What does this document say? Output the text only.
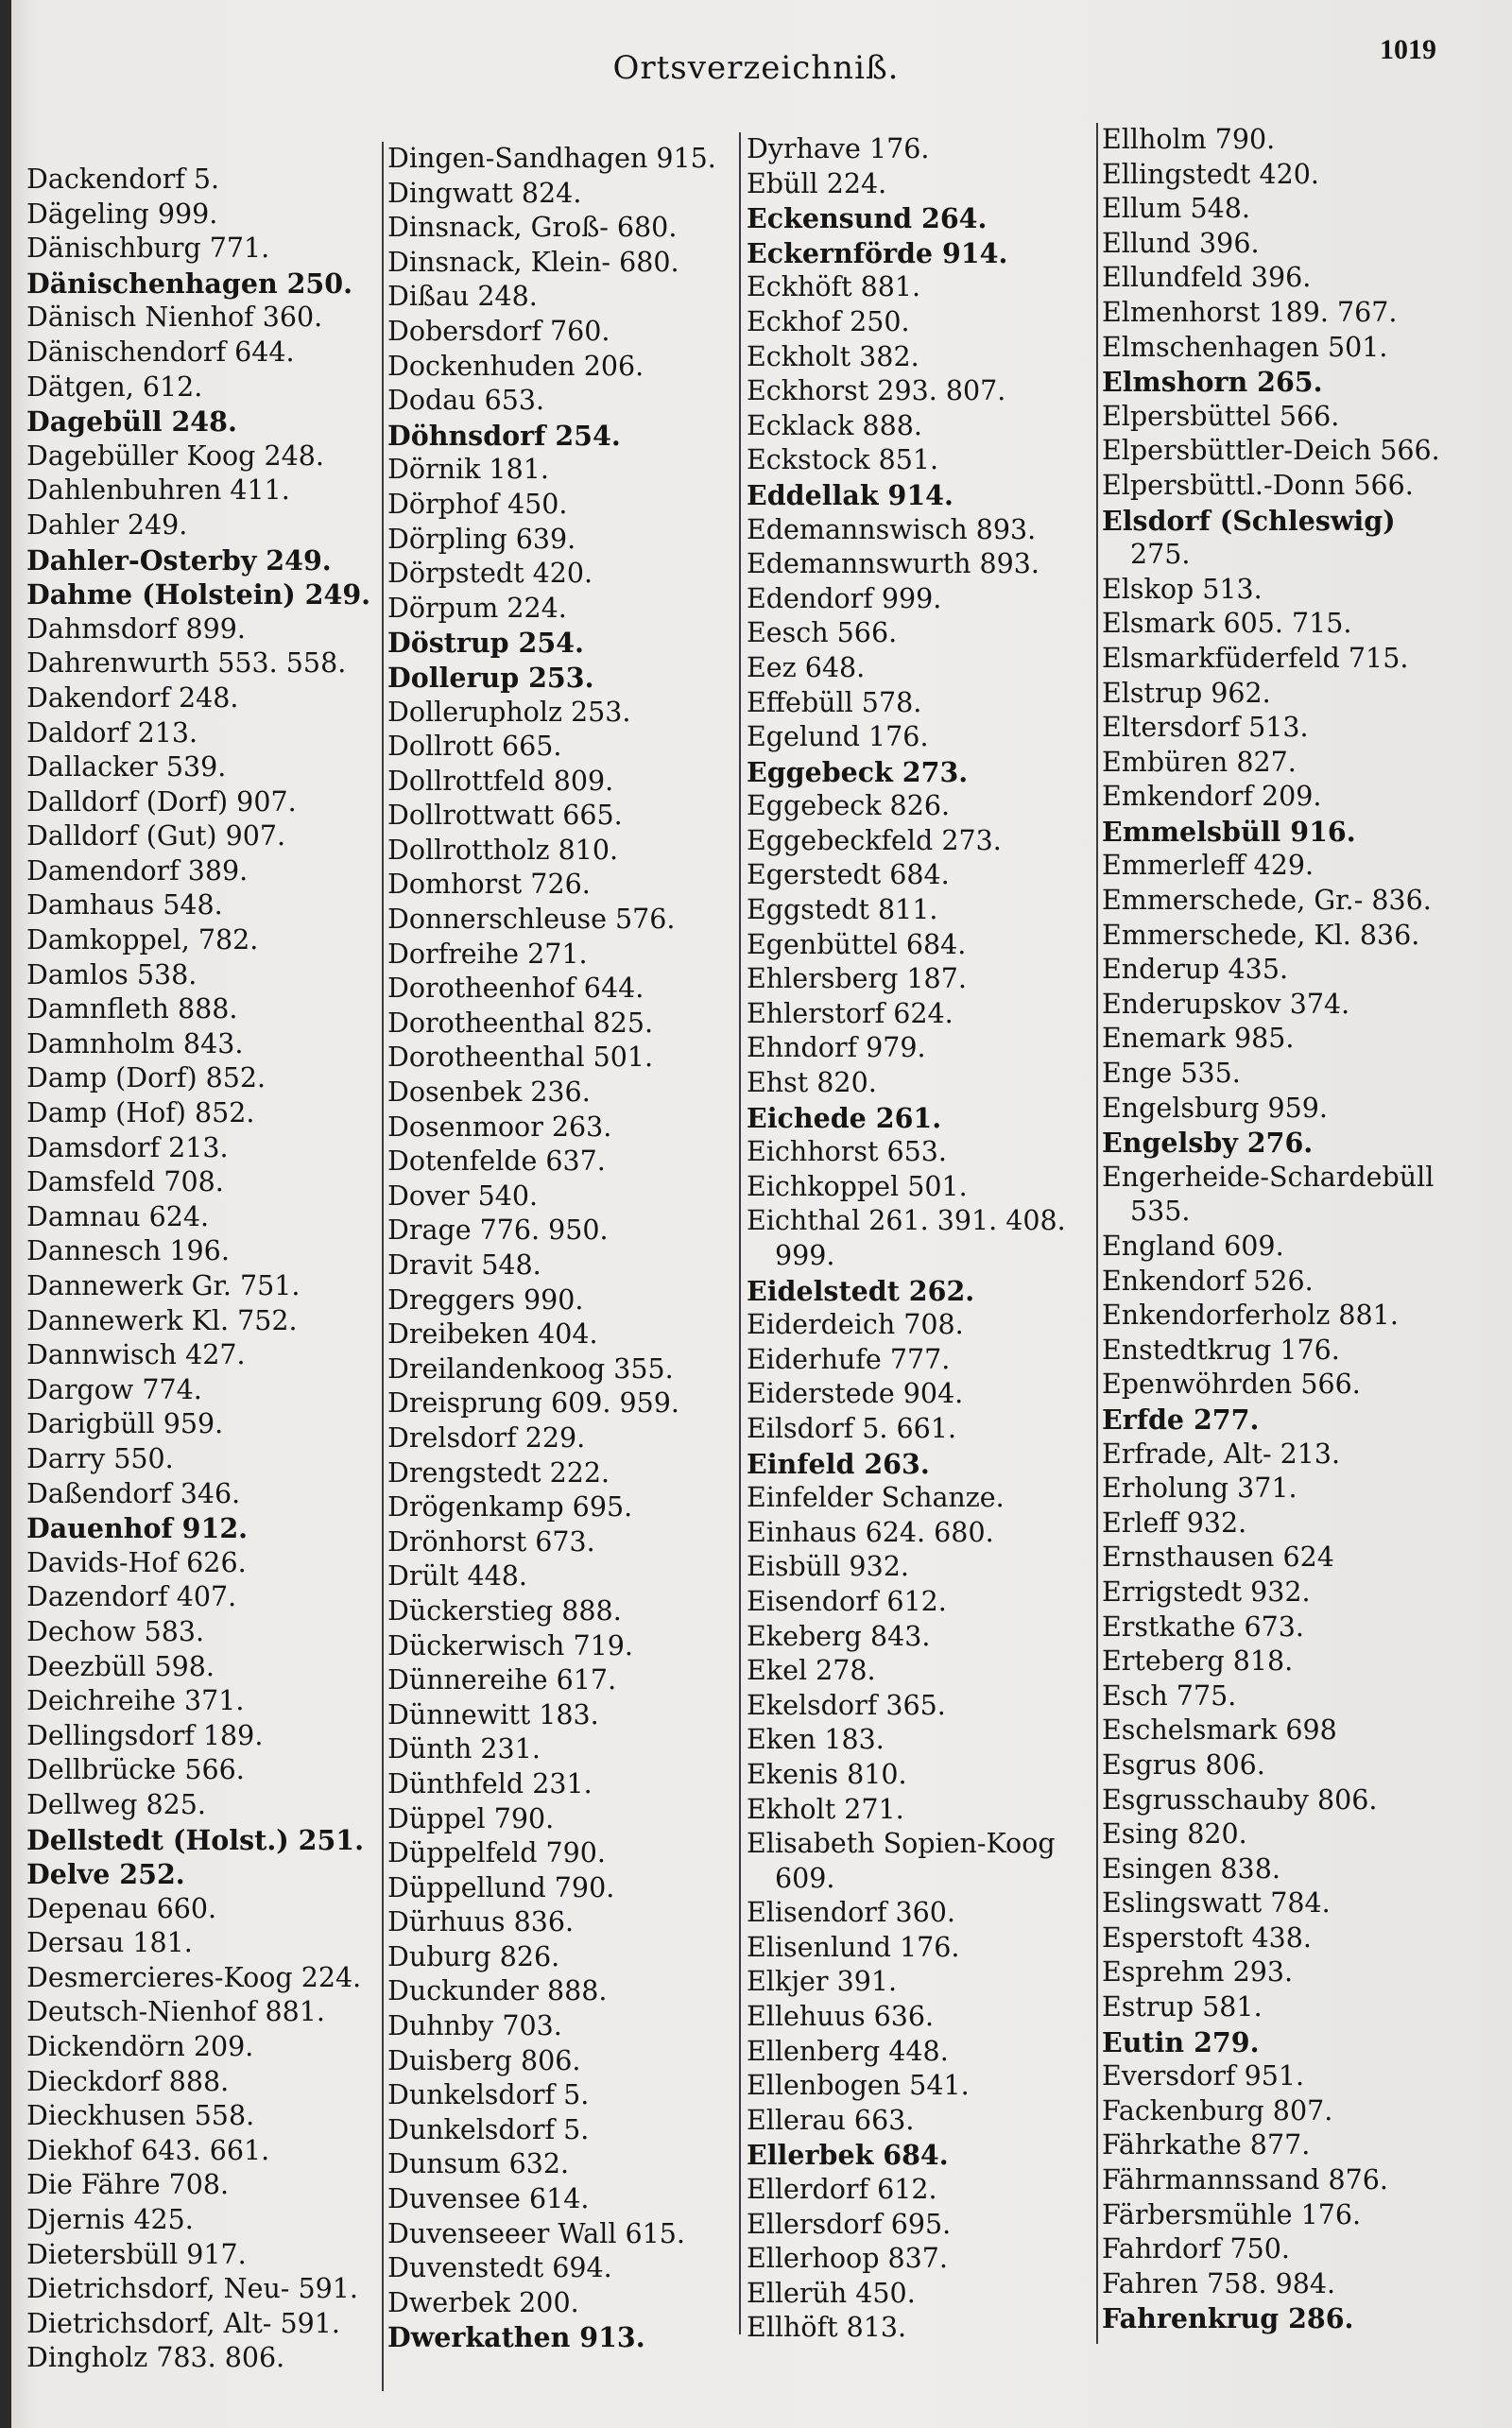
Ortsverzeichniß.	1019
Dackendorf 5.
Dägeling 999.
Dänischburg 771.
Dänischenhagen 250.
Dänisch Nienhof 360.
Dänischendorf 644.
Dätgen, 612.
Dagebüll 248.
Dagebüller Koog 248.
Dahlenbuhren 411.
Dahler 249.
Dahler-Osterby 249.
Dahme (Holstein) 249.
Dahmsdorf 899.
Dahrenwurth 553. 558.
Dakendorf 248.
Daldorf 213.
Dallacker 539.
Dalldorf (Dorf) 907.
Dalldorf (Gut) 907.
Damendorf 389.
Damhaus 548.
Damkoppel, 782.
Damlos 538.
Damnfleth 888.
Damnholm 843.
Damp (Dorf) 852.
Damp (Hof) 852.
Damsdorf 213.
Damsfeld 708.
Damnau 624.
Dannesch 196.
Dannewerk Gr. 751.
Dannewerk Kl. 752.
Dannwisch 427.
Dargow 774.
Darigbüll 959.
Darry 550.
Daßendorf 346.
Dauenhof 912.
Davids-Hof 626.
Dazendorf 407.
Dechow 583.
Deezbüll 598.
Deichreihe 371.
Dellingsdorf 189.
Dellbrücke 566.
Dellweg 825.
Dellstedt (Holst.) 251.
Delve 252.
Depenau 660.
Dersau 181.
Desmercieres-Koog 224.
Deutsch-Nienhof 881.
Dickendörn 209.
Dieckdorf 888.
Dieckhusen 558.
Diekhof 643. 661.
Die Fähre 708.
Djernis 425.
Dietersbüll 917.
Dietrichsdorf, Neu- 591.
Dietrichsdorf, Alt- 591.
Dingholz 783. 806.
Dingen-Sandhagen 915.
Dingwatt 824.
Dinsnack, Groß- 680.
Dinsnack, Klein- 680.
Dißau 248.
Dobersdorf 760.
Dockenhuden 206.
Dodau 653.
Döhnsdorf 254.
Dörnik 181.
Dörphof 450.
Dörpling 639.
Dörpstedt 420.
Dörpum 224.
Döstrup 254.
Dollerup 253.
Dollerupholz 253.
Dollrott 665.
Dollrottfeld 809.
Dollrottwatt 665.
Dollrottholz 810.
Domhorst 726.
Donnerschleuse 576.
Dorfreihe 271.
Dorotheenhof 644.
Dorotheenthal 825.
Dorotheenthal 501.
Dosenbek 236.
Dosenmoor 263.
Dotenfelde 637.
Dover 540.
Drage 776. 950.
Dravit 548.
Dreggers 990.
Dreibeken 404.
Dreilandenkoog 355.
Dreisprung 609. 959.
Drelsdorf 229.
Drengstedt 222.
Drögenkamp 695.
Drönhorst 673.
Drült 448.
Dückerstieg 888.
Dückerwisch 719.
Dünnereihe 617.
Dünnewitt 183.
Dünth 231.
Dünthfeld 231.
Düppel 790.
Düppelfeld 790.
Düppellund 790.
Dürhuus 836.
Duburg 826.
Duckunder 888.
Duhnby 703.
Duisberg 806.
Dunkelsdorf 5.
Dunkelsdorf 5.
Dunsum 632.
Duvensee 614.
Duvenseeer Wall 615.
Duvenstedt 694.
Dwerbek 200.
Dwerkathen 913.
Dyrhave 176.
Ebüll 224.
Eckensund 264.
Eckernförde 914.
Eckhöft 881.
Eckhof 250.
Eckholt 382.
Eckhorst 293. 807.
Ecklack 888.
Eckstock 851.
Eddellak 914.
Edemannswisch 893.
Edemannswurth 893.
Edendorf 999.
Eesch 566.
Eez 648.
Effebüll 578.
Egelund 176.
Eggebeck 273.
Eggebeck 826.
Eggebeckfeld 273.
Egerstedt 684.
Eggstedt 811.
Egenbüttel 684.
Ehlersberg 187.
Ehlerstorf 624.
Ehndorf 979.
Ehst 820.
Eichede 261.
Eichhorst 653.
Eichkoppel 501.
Eichthal 261. 391. 408.
999.
Eidelstedt 262.
Eiderdeich 708.
Eiderhufe 777.
Eiderstede 904.
Eilsdorf 5. 661.
Einfeld 263.
Einfelder Schanze.
Einhaus 624. 680.
Eisbüll 932.
Eisendorf 612.
Ekeberg 843.
Ekel 278.
Ekelsdorf 365.
Eken 183.
Ekenis 810.
Ekholt 271.
Elisabeth Sopien-Koog
609.
Elisendorf 360.
Elisenlund 176.
Elkjer 391.
Ellehuus 636.
Ellenberg 448.
Ellenbogen 541.
Ellerau 663.
Ellerbek 684.
Ellerdorf 612.
Ellersdorf 695.
Ellerhoop 837.
Ellerüh 450.
Ellhöft 813.
Ellholm 790.
Ellingstedt 420.
Ellum 548.
Ellund 396.
Ellundfeld 396.
Elmenhorst 189. 767.
Elmschenhagen 501.
Elmshorn 265.
Elpersbüttel 566.
Elpersbüttler-Deich 566.
Elpersbüttl.-Donn 566.
Elsdorf (Schleswig)
275.
Elskop 513.
Elsmark 605. 715.
Elsmarkfüderfeld 715.
Elstrup 962.
Eltersdorf 513.
Embüren 827.
Emkendorf 209.
Emmelsbüll 916.
Emmerleff 429.
Emmerschede, Gr.- 836.
Emmerschede, Kl. 836.
Enderup 435.
Enderupskov 374.
Enemark 985.
Enge 535.
Engelsburg 959.
Engelsby 276.
Engerheide-Schardebüll
535.
England 609.
Enkendorf 526.
Enkendorferholz 881.
Enstedtkrug 176.
Epenwöhrden 566.
Erfde 277.
Erfrade, Alt- 213.
Erholung 371.
Erleff 932.
Ernsthausen 624
Errigstedt 932.
Erstkathe 673.
Erteberg 818.
Esch 775.
Eschelsmark 698
Esgrus 806.
Esgrusschauby 806.
Esing 820.
Esingen 838.
Eslingswatt 784.
Esperstoft 438.
Esprehm 293.
Estrup 581.
Eutin 279.
Eversdorf 951.
Fackenburg 807.
Fährkathe 877.
Fährmannssand 876.
Färbersmühle 176.
Fahrdorf 750.
Fahren 758. 984.
Fahrenkrug 286.
